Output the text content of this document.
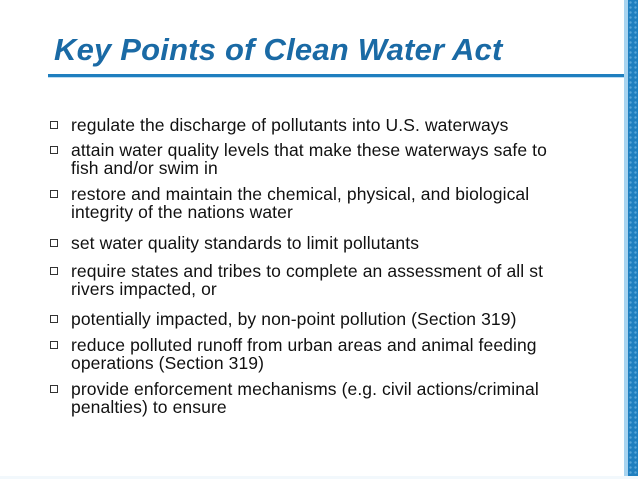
Key Points of Clean Water Act
regulate the discharge of pollutants into U.S. waterways
attain water quality levels that make these waterways safe to
fish and/or swim in
restore and maintain the chemical, physical, and biological
integrity of the nations water
set water quality standards to limit pollutants
require states and tribes to complete an assessment of all st
rivers impacted, or
potentially impacted, by non-point pollution (Section 319)
reduce polluted runoff from urban areas and animal feeding
operations (Section 319)
provide enforcement mechanisms (e.g. civil actions/criminal
penalties) to ensure
